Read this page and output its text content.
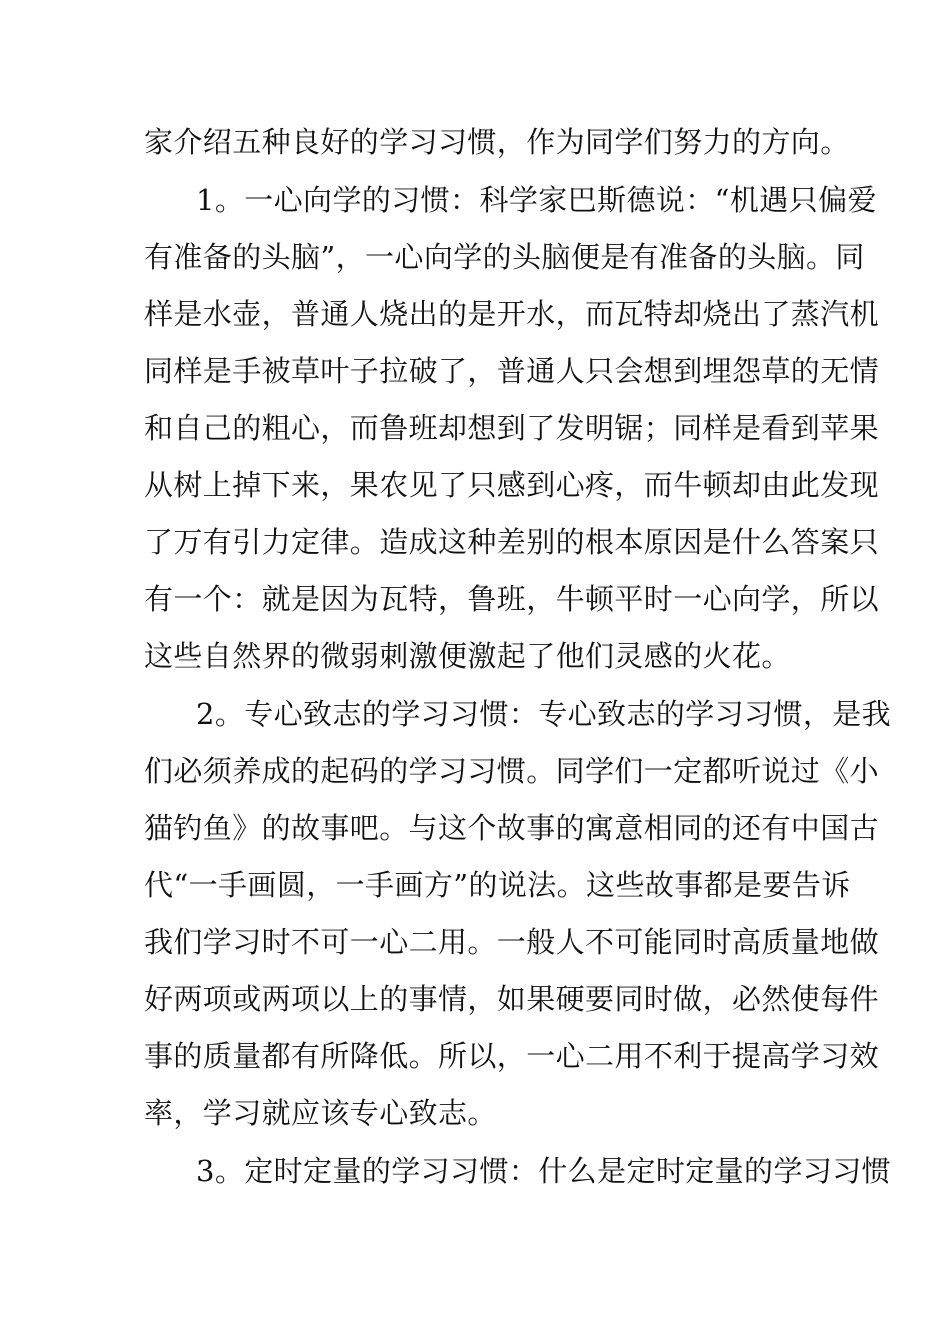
家介绍五种良好的学习习惯，作为同学们努力的方向。
1。一心向学的习惯：科学家巴斯德说：“机遇只偏爱
有准备的头脑”，一心向学的头脑便是有准备的头脑。同
样是水壶，普通人烧出的是开水，而瓦特却烧出了蒸汽机
同样是手被草叶子拉破了，普通人只会想到埋怨草的无情
和自己的粗心，而鲁班却想到了发明锯；同样是看到苹果
从树上掉下来，果农见了只感到心疼，而牛顿却由此发现
了万有引力定律。造成这种差别的根本原因是什么答案只
有一个：就是因为瓦特，鲁班，牛顿平时一心向学，所以
这些自然界的微弱刺激便激起了他们灵感的火花。
2。专心致志的学习习惯：专心致志的学习习惯，是我
们必须养成的起码的学习习惯。同学们一定都听说过《小
猫钓鱼》的故事吧。与这个故事的寓意相同的还有中国古
代“一手画圆，一手画方”的说法。这些故事都是要告诉
我们学习时不可一心二用。一般人不可能同时高质量地做
好两项或两项以上的事情，如果硬要同时做，必然使每件
事的质量都有所降低。所以，一心二用不利于提高学习效
率，学习就应该专心致志。
3。定时定量的学习习惯：什么是定时定量的学习习惯
